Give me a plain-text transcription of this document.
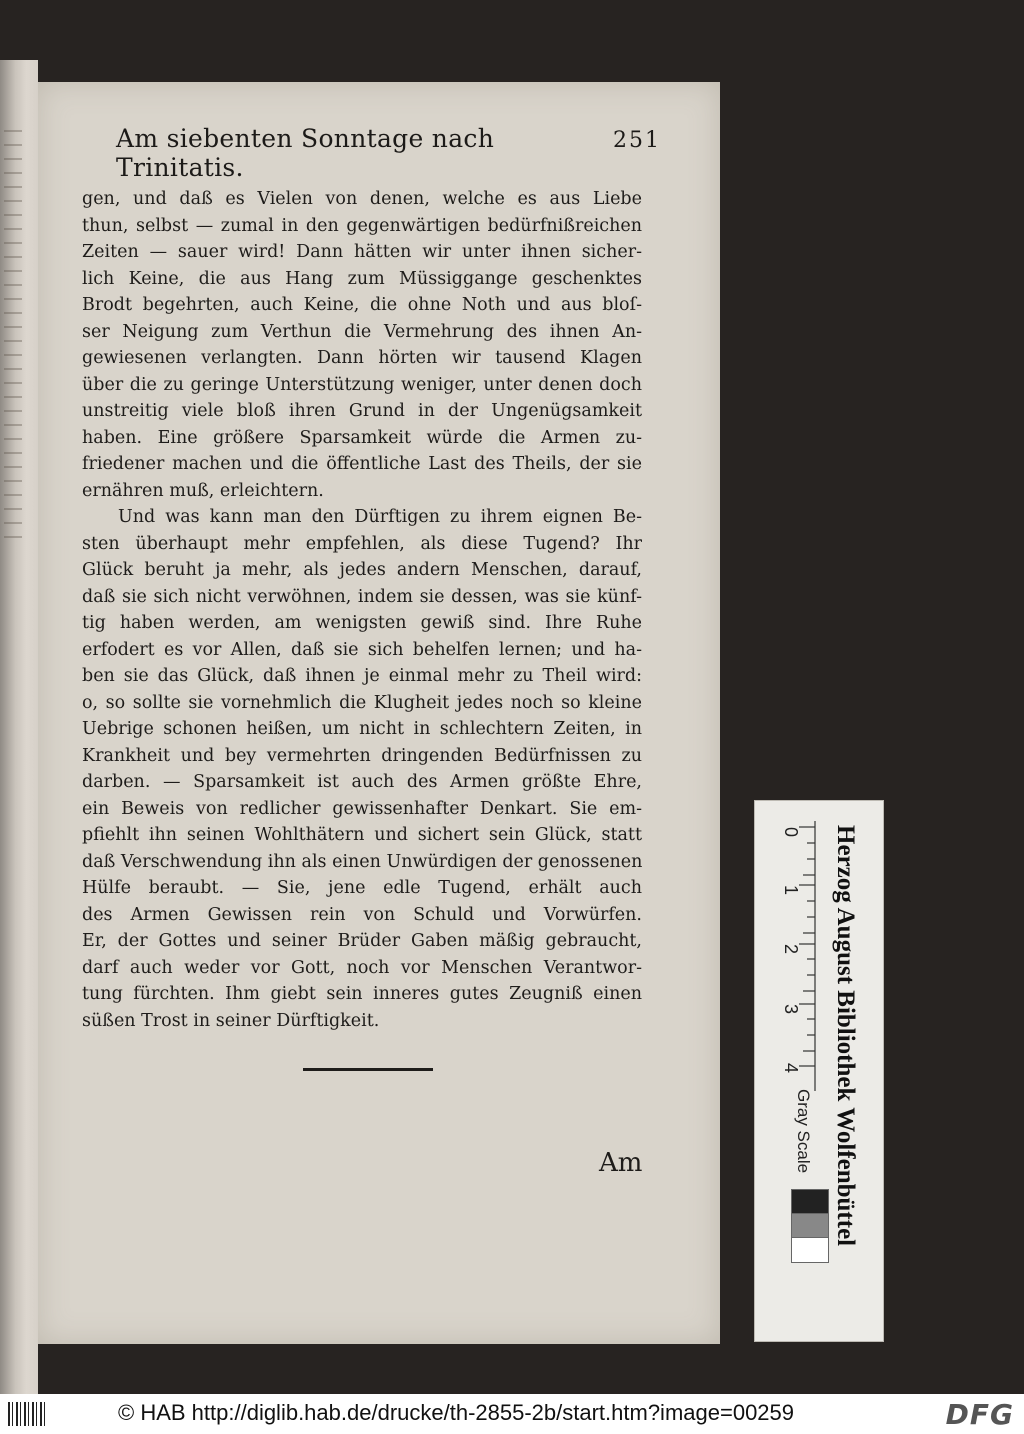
Am siebenten Sonntage nach Trinitatis.
251
gen, und daß es Vielen von denen, welche es aus Liebe
thun, selbst — zumal in den gegenwärtigen bedürfnißreichen
Zeiten — sauer wird! Dann hätten wir unter ihnen sicher-
lich Keine, die aus Hang zum Müssiggange geschenktes
Brodt begehrten, auch Keine, die ohne Noth und aus bloſ-
ser Neigung zum Verthun die Vermehrung des ihnen An-
gewiesenen verlangten. Dann hörten wir tausend Klagen
über die zu geringe Unterstützung weniger, unter denen doch
unstreitig viele bloß ihren Grund in der Ungenügsamkeit
haben. Eine größere Sparsamkeit würde die Armen zu-
friedener machen und die öffentliche Last des Theils, der sie
ernähren muß, erleichtern.
Und was kann man den Dürftigen zu ihrem eignen Be-
sten überhaupt mehr empfehlen, als diese Tugend? Ihr
Glück beruht ja mehr, als jedes andern Menschen, darauf,
daß sie sich nicht verwöhnen, indem sie dessen, was sie künf-
tig haben werden, am wenigsten gewiß sind. Ihre Ruhe
erfodert es vor Allen, daß sie sich behelfen lernen; und ha-
ben sie das Glück, daß ihnen je einmal mehr zu Theil wird:
o, so sollte sie vornehmlich die Klugheit jedes noch so kleine
Uebrige schonen heißen, um nicht in schlechtern Zeiten, in
Krankheit und bey vermehrten dringenden Bedürfnissen zu
darben. — Sparsamkeit ist auch des Armen größte Ehre,
ein Beweis von redlicher gewissenhafter Denkart. Sie em-
pfiehlt ihn seinen Wohlthätern und sichert sein Glück, statt
daß Verschwendung ihn als einen Unwürdigen der genossenen
Hülfe beraubt. — Sie, jene edle Tugend, erhält auch
des Armen Gewissen rein von Schuld und Vorwürfen.
Er, der Gottes und seiner Brüder Gaben mäßig gebraucht,
darf auch weder vor Gott, noch vor Menschen Verantwor-
tung fürchten. Ihm giebt sein inneres gutes Zeugniß einen
süßen Trost in seiner Dürftigkeit.
Am
0
1
2
3
4 Herzog August Bibliothek Wolfenbüttel
Gray Scale
© HAB http://diglib.hab.de/drucke/th-2855-2b/start.htm?image=00259	DFG
